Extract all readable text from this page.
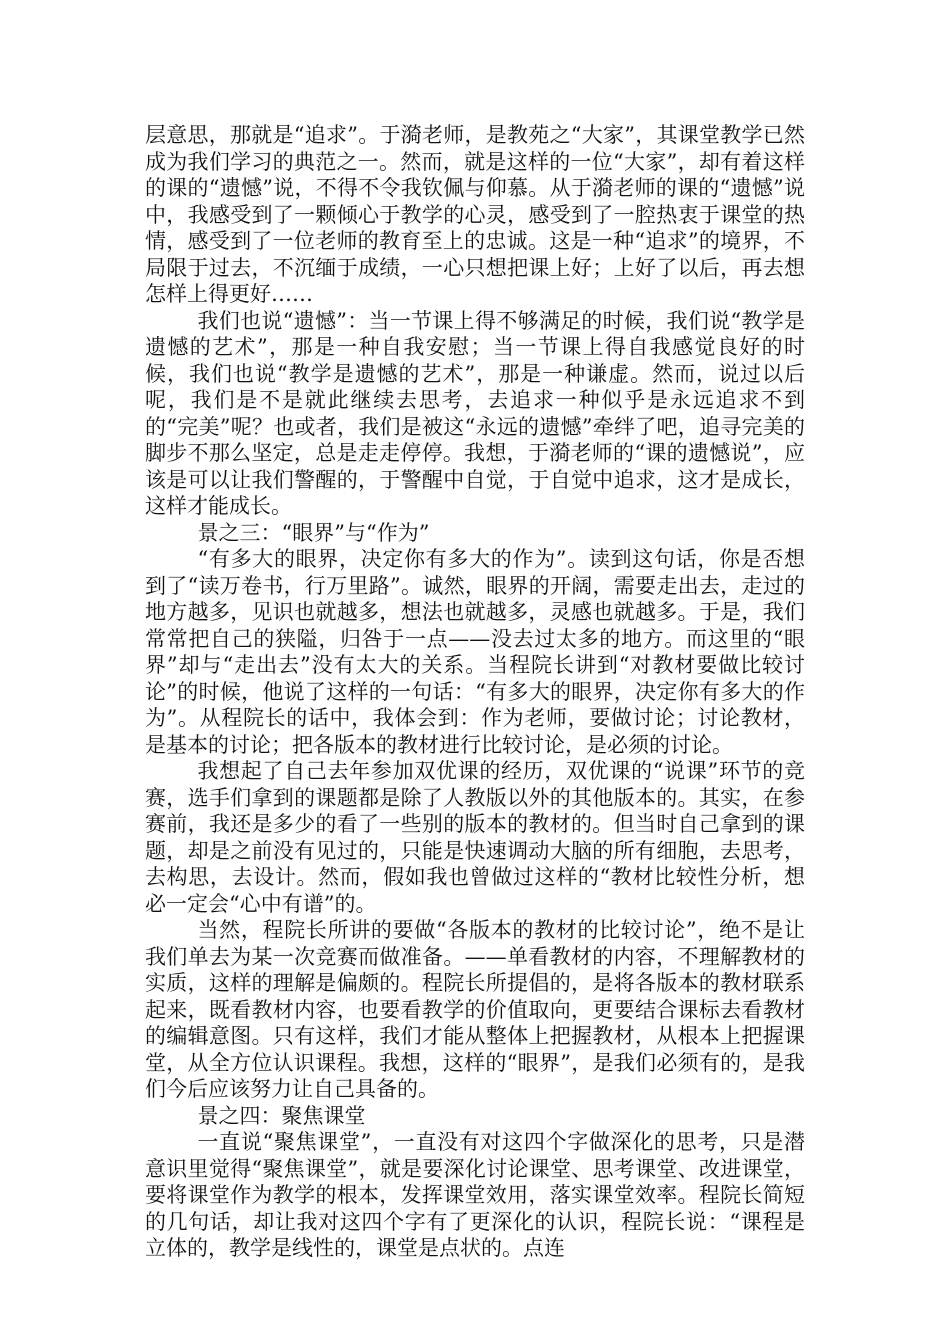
层意思，那就是“追求”。于漪老师，是教苑之“大家”，其课堂教学已然成为我们学习的典范之一。然而，就是这样的一位“大家”，却有着这样的课的“遗憾”说，不得不令我钦佩与仰慕。从于漪老师的课的“遗憾”说中，我感受到了一颗倾心于教学的心灵，感受到了一腔热衷于课堂的热情，感受到了一位老师的教育至上的忠诚。这是一种“追求”的境界，不局限于过去，不沉缅于成绩，一心只想把课上好；上好了以后，再去想怎样上得更好……

我们也说“遗憾”：当一节课上得不够满足的时候，我们说“教学是遗憾的艺术”，那是一种自我安慰；当一节课上得自我感觉良好的时候，我们也说“教学是遗憾的艺术”，那是一种谦虚。然而，说过以后呢，我们是不是就此继续去思考，去追求一种似乎是永远追求不到的“完美”呢？也或者，我们是被这“永远的遗憾”牵绊了吧，追寻完美的脚步不那么坚定，总是走走停停。我想，于漪老师的“课的遗憾说”，应该是可以让我们警醒的，于警醒中自觉，于自觉中追求，这才是成长，这样才能成长。

景之三：“眼界”与“作为”

“有多大的眼界，决定你有多大的作为”。读到这句话，你是否想到了“读万卷书，行万里路”。诚然，眼界的开阔，需要走出去，走过的地方越多，见识也就越多，想法也就越多，灵感也就越多。于是，我们常常把自己的狭隘，归咎于一点——没去过太多的地方。而这里的“眼界”却与“走出去”没有太大的关系。当程院长讲到“对教材要做比较讨论”的时候，他说了这样的一句话：“有多大的眼界，决定你有多大的作为”。从程院长的话中，我体会到：作为老师，要做讨论；讨论教材，是基本的讨论；把各版本的教材进行比较讨论，是必须的讨论。

我想起了自己去年参加双优课的经历，双优课的“说课”环节的竞赛，选手们拿到的课题都是除了人教版以外的其他版本的。其实，在参赛前，我还是多少的看了一些别的版本的教材的。但当时自己拿到的课题，却是之前没有见过的，只能是快速调动大脑的所有细胞，去思考，去构思，去设计。然而，假如我也曾做过这样的“教材比较性分析，想必一定会“心中有谱”的。

当然，程院长所讲的要做“各版本的教材的比较讨论”，绝不是让我们单去为某一次竞赛而做准备。——单看教材的内容，不理解教材的实质，这样的理解是偏颇的。程院长所提倡的，是将各版本的教材联系起来，既看教材内容，也要看教学的价值取向，更要结合课标去看教材的编辑意图。只有这样，我们才能从整体上把握教材，从根本上把握课堂，从全方位认识课程。我想，这样的“眼界”，是我们必须有的，是我们今后应该努力让自己具备的。

景之四：聚焦课堂

一直说“聚焦课堂”，一直没有对这四个字做深化的思考，只是潜意识里觉得“聚焦课堂”，就是要深化讨论课堂、思考课堂、改进课堂，要将课堂作为教学的根本，发挥课堂效用，落实课堂效率。程院长简短的几句话，却让我对这四个字有了更深化的认识，程院长说：“课程是立体的，教学是线性的，课堂是点状的。点连
